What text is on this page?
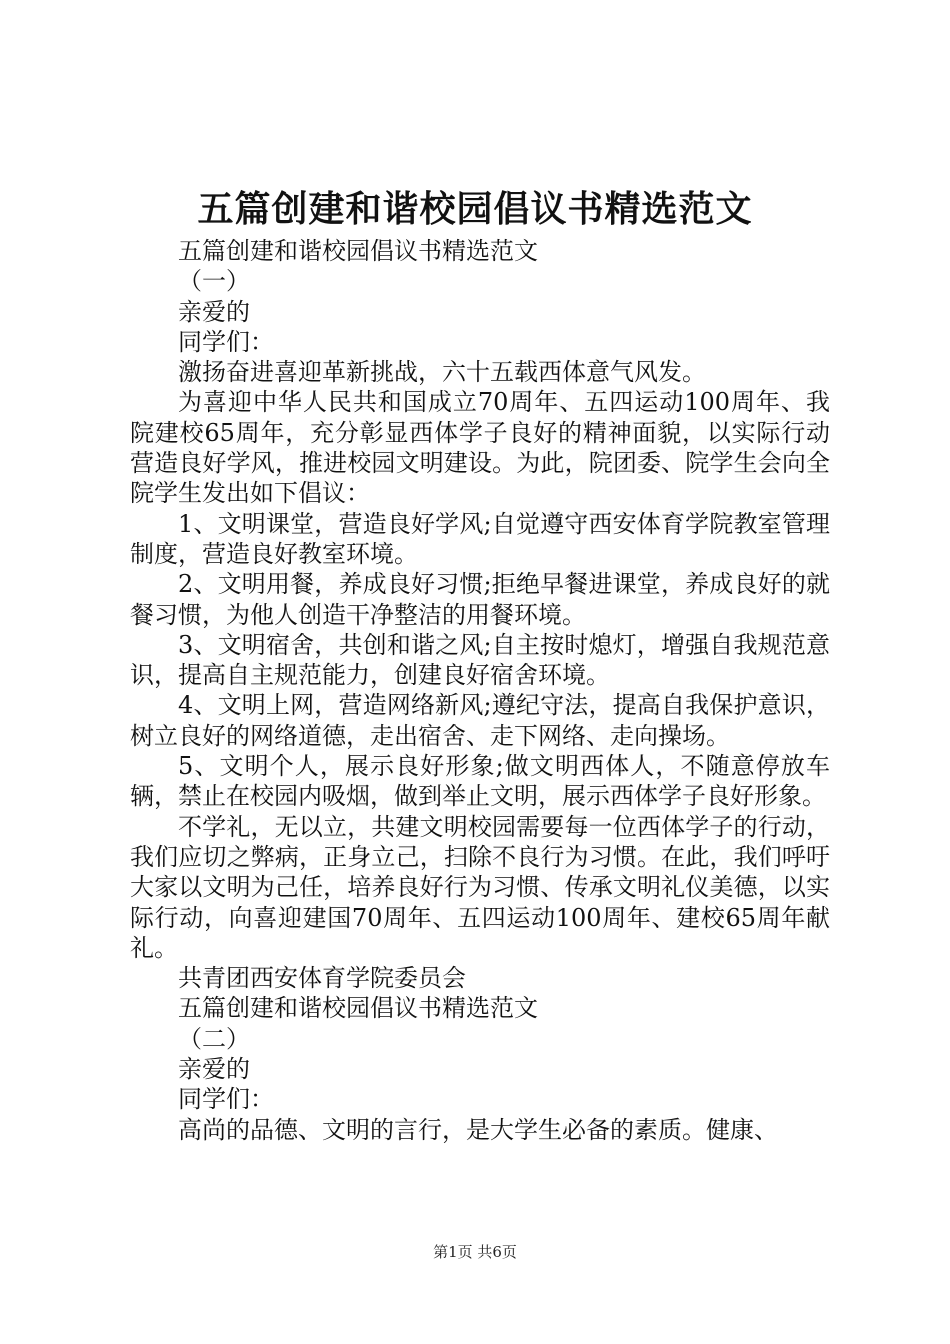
五篇创建和谐校园倡议书精选范文

五篇创建和谐校园倡议书精选范文

（一）

亲爱的

同学们：

激扬奋进喜迎革新挑战，六十五载西体意气风发。

为喜迎中华人民共和国成立70周年、五四运动100周年、我院建校65周年，充分彰显西体学子良好的精神面貌，以实际行动营造良好学风，推进校园文明建设。为此，院团委、院学生会向全院学生发出如下倡议：

1、文明课堂，营造良好学风;自觉遵守西安体育学院教室管理制度，营造良好教室环境。

2、文明用餐，养成良好习惯;拒绝早餐进课堂，养成良好的就餐习惯，为他人创造干净整洁的用餐环境。

3、文明宿舍，共创和谐之风;自主按时熄灯，增强自我规范意识，提高自主规范能力，创建良好宿舍环境。

4、文明上网，营造网络新风;遵纪守法，提高自我保护意识，树立良好的网络道德，走出宿舍、走下网络、走向操场。

5、文明个人，展示良好形象;做文明西体人，不随意停放车辆，禁止在校园内吸烟，做到举止文明，展示西体学子良好形象。

不学礼，无以立，共建文明校园需要每一位西体学子的行动，我们应切之弊病，正身立己，扫除不良行为习惯。在此，我们呼吁大家以文明为己任，培养良好行为习惯、传承文明礼仪美德，以实际行动，向喜迎建国70周年、五四运动100周年、建校65周年献礼。

共青团西安体育学院委员会

五篇创建和谐校园倡议书精选范文

（二）

亲爱的

同学们：

高尚的品德、文明的言行，是大学生必备的素质。健康、

第1页 共6页
